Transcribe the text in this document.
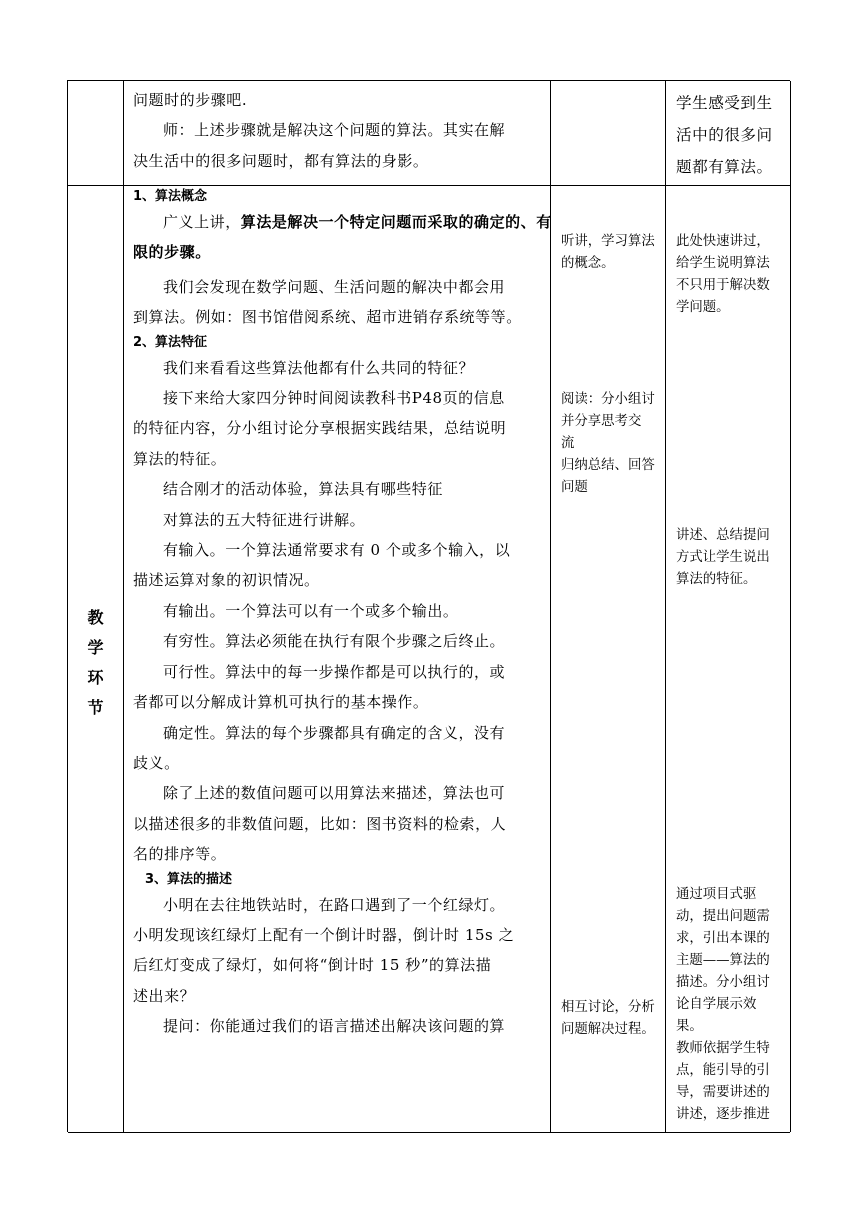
问题时的步骤吧.
师：上述步骤就是解决这个问题的算法。其实在解
决生活中的很多问题时，都有算法的身影。
学生感受到生
活中的很多问
题都有算法。
教
学
环
节
1、算法概念
广义上讲，算法是解决一个特定问题而采取的确定的、有
限的步骤。
我们会发现在数学问题、生活问题的解决中都会用
到算法。例如：图书馆借阅系统、超市进销存系统等等。
2、算法特征
我们来看看这些算法他都有什么共同的特征？
接下来给大家四分钟时间阅读教科书P48页的信息
的特征内容，分小组讨论分享根据实践结果，总结说明
算法的特征。
结合刚才的活动体验，算法具有哪些特征
对算法的五大特征进行讲解。
有输入。一个算法通常要求有 0 个或多个输入，以
描述运算对象的初识情况。
有输出。一个算法可以有一个或多个输出。
有穷性。算法必须能在执行有限个步骤之后终止。
可行性。算法中的每一步操作都是可以执行的，或
者都可以分解成计算机可执行的基本操作。
确定性。算法的每个步骤都具有确定的含义，没有
歧义。
除了上述的数值问题可以用算法来描述，算法也可
以描述很多的非数值问题，比如：图书资料的检索，人
名的排序等。
3、算法的描述
小明在去往地铁站时，在路口遇到了一个红绿灯。
小明发现该红绿灯上配有一个倒计时器，倒计时 15s 之
后红灯变成了绿灯，如何将“倒计时 15 秒”的算法描
述出来？
提问：你能通过我们的语言描述出解决该问题的算
听讲，学习算法
的概念。
阅读：分小组讨
并分享思考交
流
归纳总结、回答
问题
相互讨论，分析
问题解决过程。
此处快速讲过，
给学生说明算法
不只用于解决数
学问题。
讲述、总结提问
方式让学生说出
算法的特征。
通过项目式驱
动，提出问题需
求，引出本课的
主题——算法的
描述。分小组讨
论自学展示效
果。
教师依据学生特
点，能引导的引
导，需要讲述的
讲述，逐步推进
